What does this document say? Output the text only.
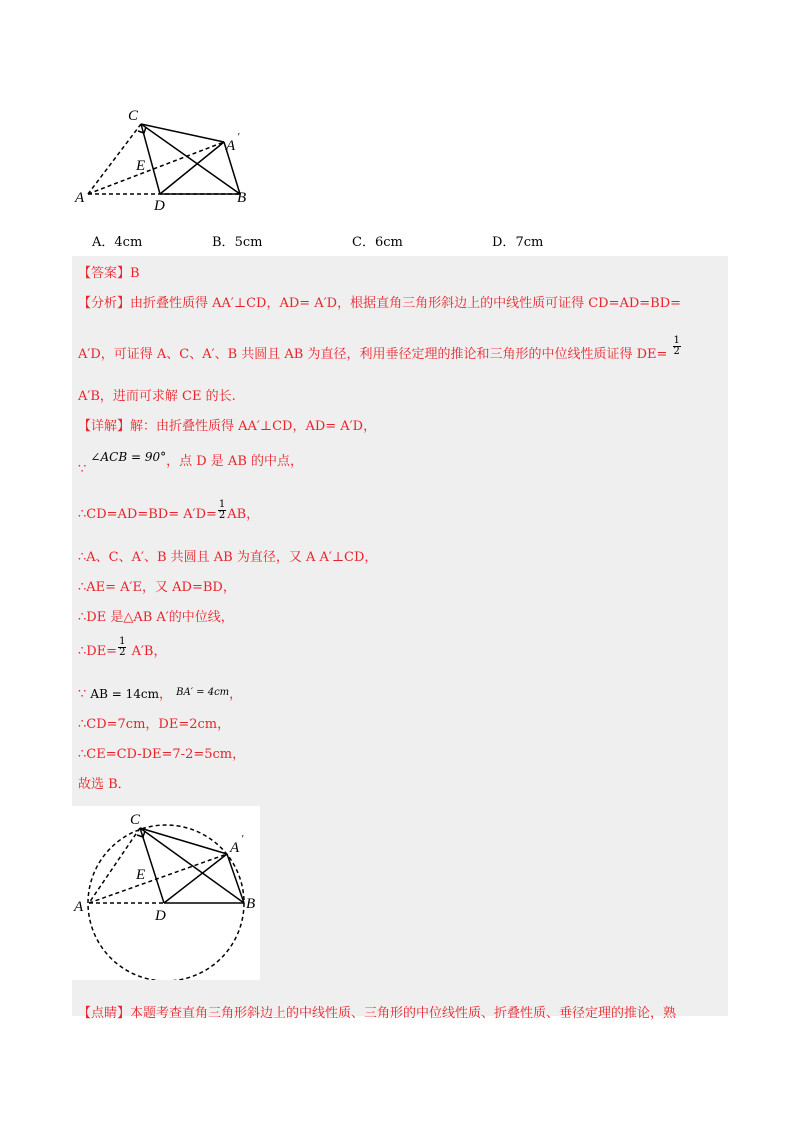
C
A
′
E
A	D	B
A．4cm	B．5cm	C．6cm	D．7cm
【答案】B
【分析】由折叠性质得 AA′⊥CD，AD= A′D，根据直角三角形斜边上的中线性质可证得 CD=AD=BD=
A′D，可证得 A、C、A′、B 共圆且 AB 为直径，利用垂径定理的推论和三角形的中位线性质证得 $DE= \frac{1}{2}$
A′B，进而可求解 CE 的长.
【详解】解：由折叠性质得 AA′⊥CD，AD= A′D，
∵ ∠ACB = 90°，点 D 是 AB 的中点，
∴CD=AD=BD= $A'D= \frac{1}{2}$ AB，
∴A、C、A′、B 共圆且 AB 为直径，又 A A′⊥CD，
∴AE= A′E，又 AD=BD，
∴DE 是△AB A′的中位线，
∴DE= $\frac{1}{2} A'B$，
∵ AB = 14cm， $^{BA' = 4cm}$，
∴CD=7cm，DE=2cm，
∴CE=CD-DE=7-2=5cm，
故选 B．
C
A
′
E
A
D
B
【点睛】本题考查直角三角形斜边上的中线性质、三角形的中位线性质、折叠性质、垂径定理的推论，熟
